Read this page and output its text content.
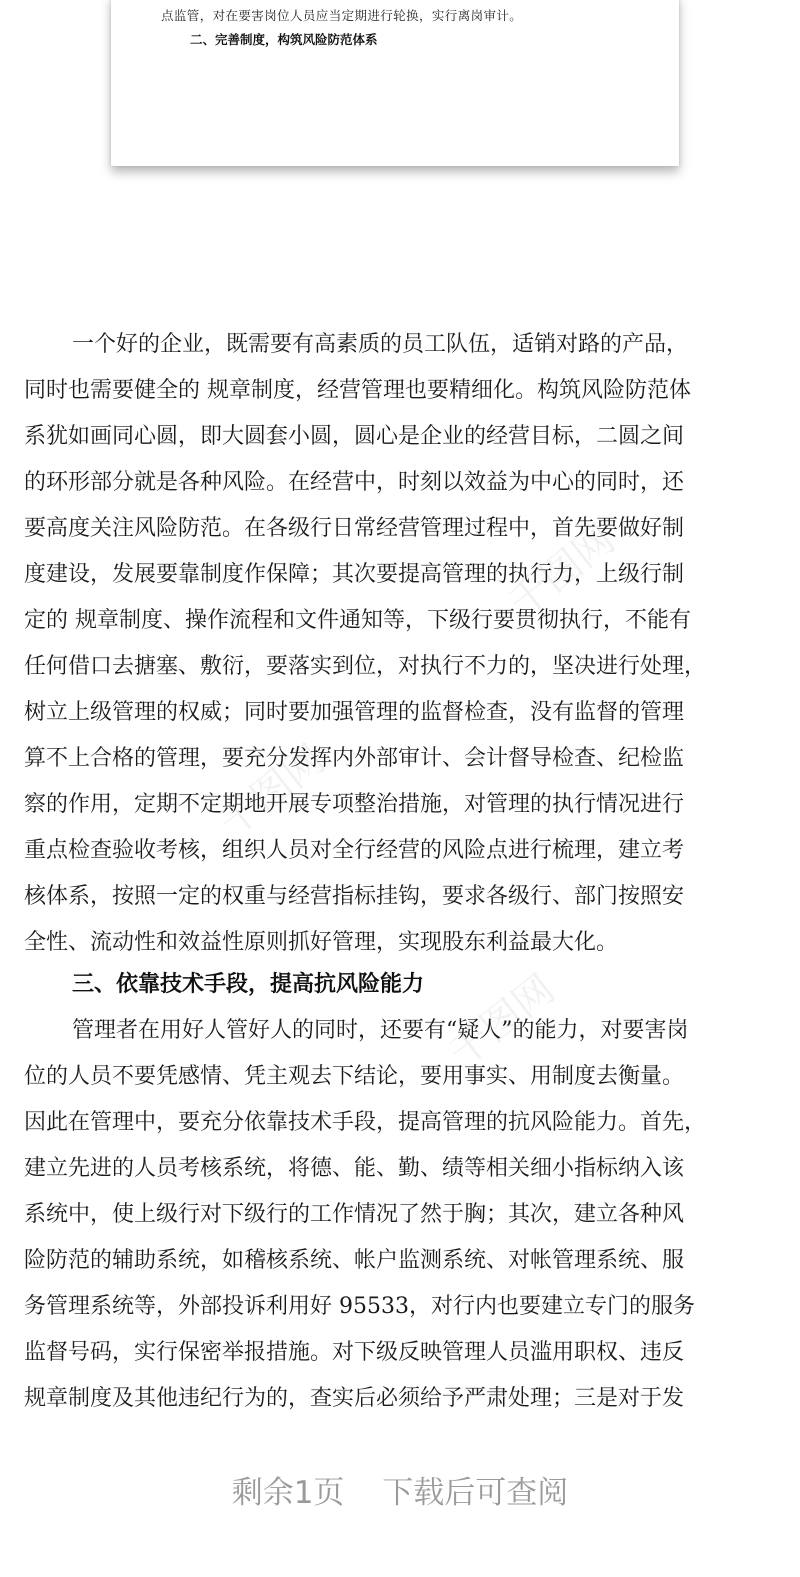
点监管，对在要害岗位人员应当定期进行轮换，实行离岗审计。
二、完善制度，构筑风险防范体系
千图网
千图网
千图网
一个好的企业，既需要有高素质的员工队伍，适销对路的产品，
同时也需要健全的 规章制度，经营管理也要精细化。构筑风险防范体
系犹如画同心圆，即大圆套小圆，圆心是企业的经营目标，二圆之间
的环形部分就是各种风险。在经营中，时刻以效益为中心的同时，还
要高度关注风险防范。在各级行日常经营管理过程中，首先要做好制
度建设，发展要靠制度作保障；其次要提高管理的执行力，上级行制
定的 规章制度、操作流程和文件通知等，下级行要贯彻执行，不能有
任何借口去搪塞、敷衍，要落实到位，对执行不力的，坚决进行处理，
树立上级管理的权威；同时要加强管理的监督检查，没有监督的管理
算不上合格的管理，要充分发挥内外部审计、会计督导检查、纪检监
察的作用，定期不定期地开展专项整治措施，对管理的执行情况进行
重点检查验收考核，组织人员对全行经营的风险点进行梳理，建立考
核体系，按照一定的权重与经营指标挂钩，要求各级行、部门按照安
全性、流动性和效益性原则抓好管理，实现股东利益最大化。
三、依靠技术手段，提高抗风险能力
管理者在用好人管好人的同时，还要有“疑人”的能力，对要害岗
位的人员不要凭感情、凭主观去下结论，要用事实、用制度去衡量。
因此在管理中，要充分依靠技术手段，提高管理的抗风险能力。首先，
建立先进的人员考核系统，将德、能、勤、绩等相关细小指标纳入该
系统中，使上级行对下级行的工作情况了然于胸；其次，建立各种风
险防范的辅助系统，如稽核系统、帐户监测系统、对帐管理系统、服
务管理系统等，外部投诉利用好 95533，对行内也要建立专门的服务
监督号码，实行保密举报措施。对下级反映管理人员滥用职权、违反
规章制度及其他违纪行为的，查实后必须给予严肃处理；三是对于发
剩余1页 下载后可查阅
